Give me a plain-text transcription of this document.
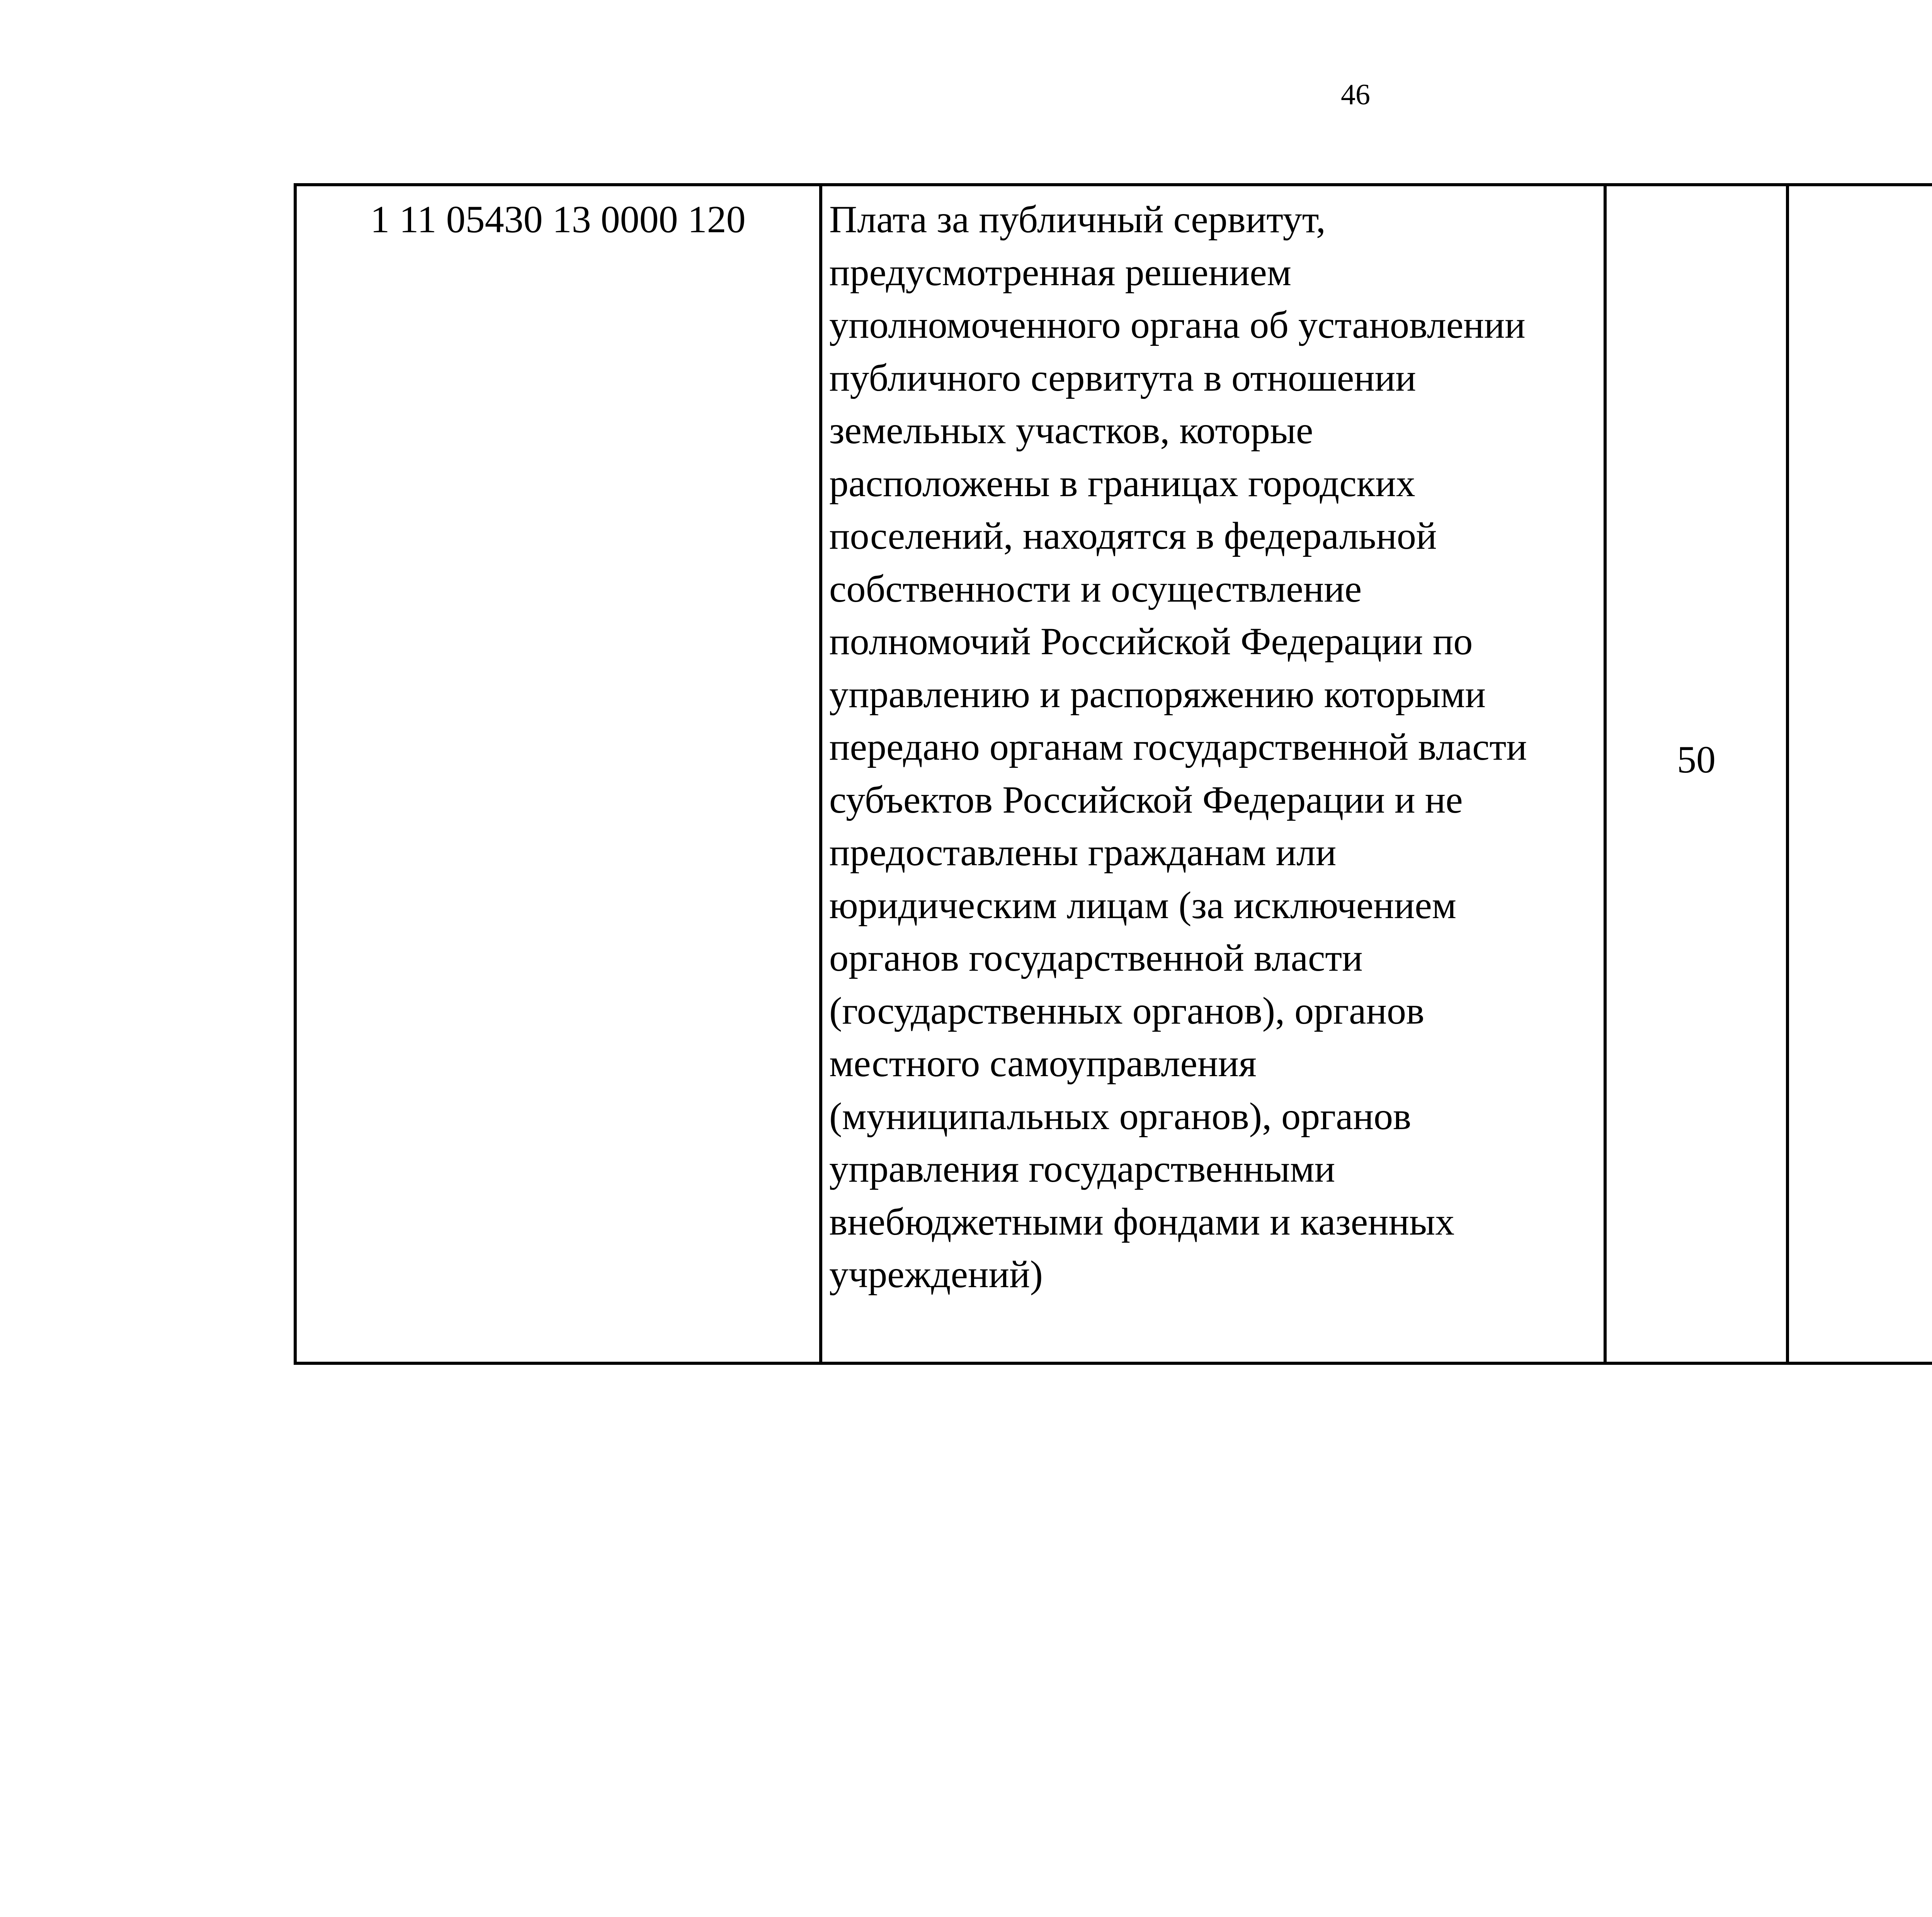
46
1 11 05430 13 0000 120	Плата за публичный сервитут,
предусмотренная решением
уполномоченного органа об установлении
публичного сервитута в отношении
земельных участков, которые
расположены в границах городских
поселений, находятся в федеральной
собственности и осуществление
полномочий Российской Федерации по
управлению и распоряжению которыми
передано органам государственной власти
субъектов Российской Федерации и не
предоставлены гражданам или
юридическим лицам (за исключением
органов государственной власти
(государственных органов), органов
местного самоуправления
(муниципальных органов), органов
управления государственными
внебюджетными фондами и казенных
учреждений)	50				
